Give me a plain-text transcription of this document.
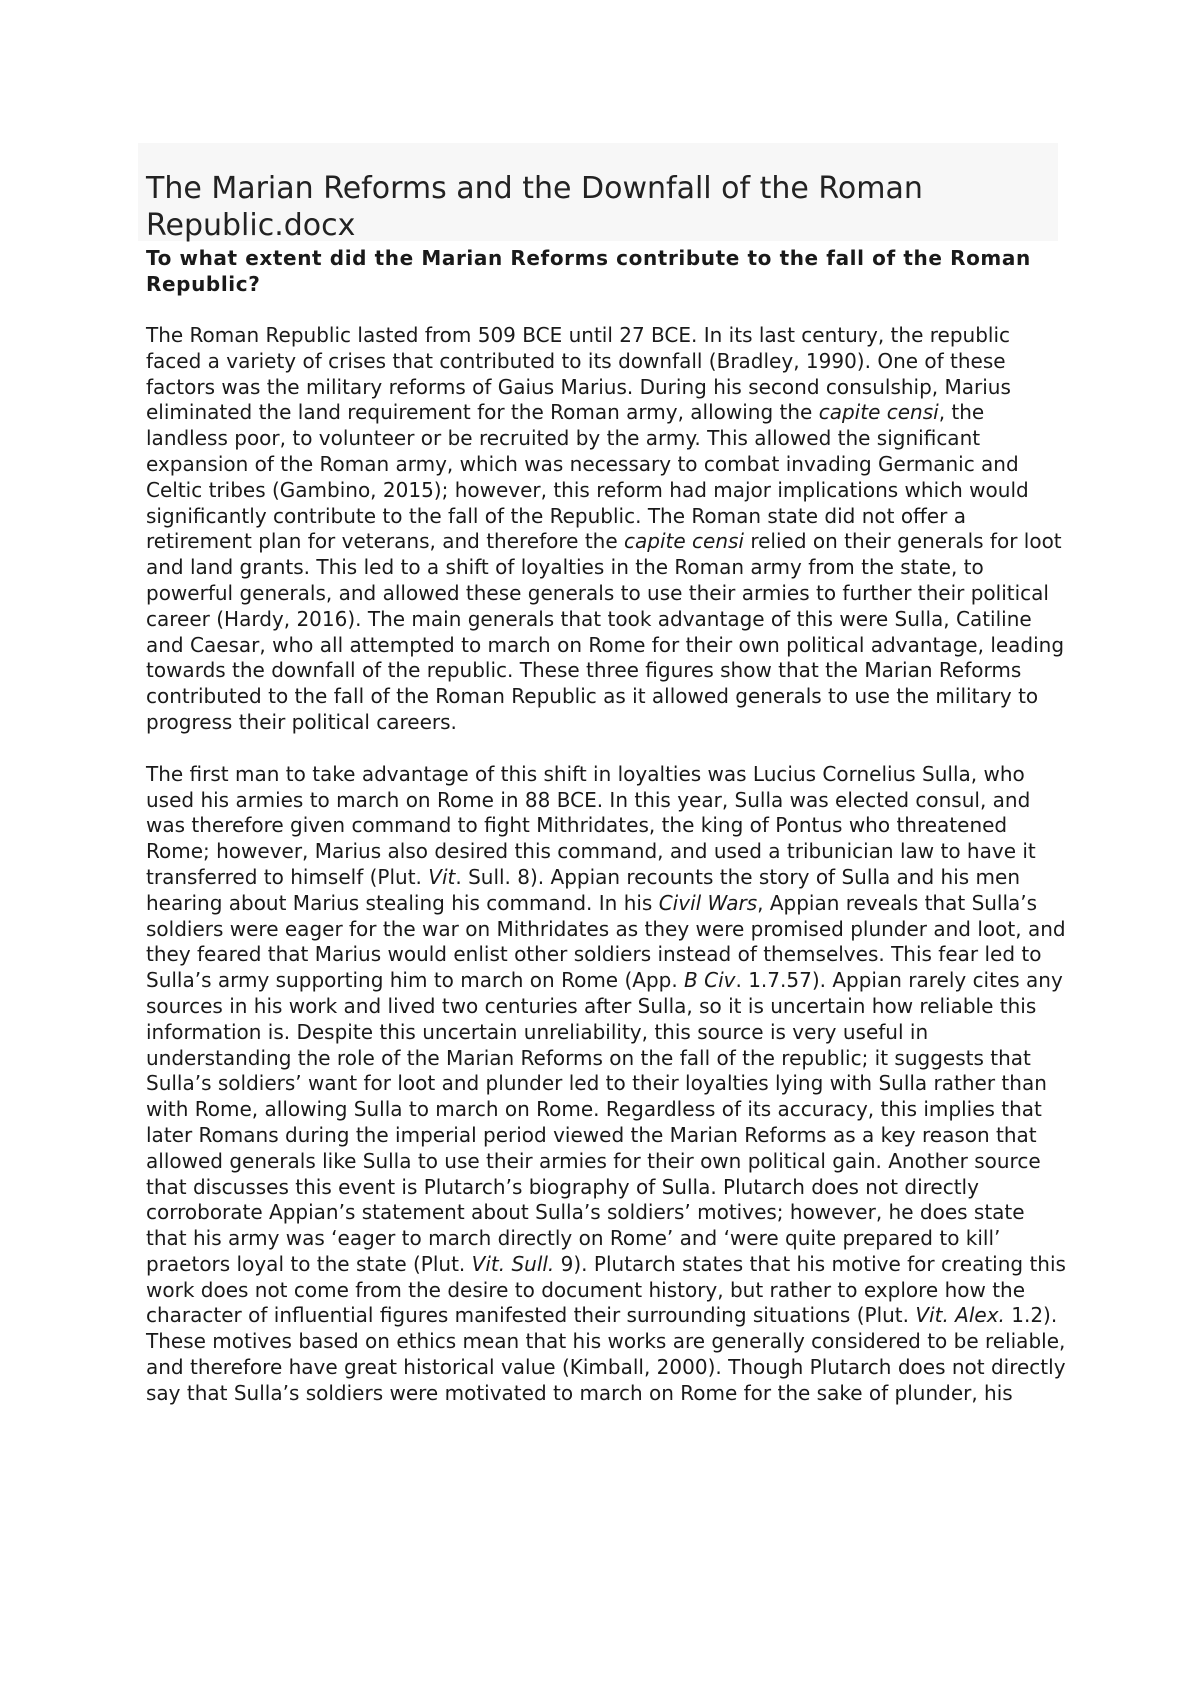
The Marian Reforms and the Downfall of the Roman Republic.docx

To what extent did the Marian Reforms contribute to the fall of the Roman Republic?

The Roman Republic lasted from 509 BCE until 27 BCE. In its last century, the republic faced a variety of crises that contributed to its downfall (Bradley, 1990). One of these factors was the military reforms of Gaius Marius. During his second consulship, Marius eliminated the land requirement for the Roman army, allowing the capite censi, the landless poor, to volunteer or be recruited by the army. This allowed the significant expansion of the Roman army, which was necessary to combat invading Germanic and Celtic tribes (Gambino, 2015); however, this reform had major implications which would significantly contribute to the fall of the Republic. The Roman state did not offer a retirement plan for veterans, and therefore the capite censi relied on their generals for loot and land grants. This led to a shift of loyalties in the Roman army from the state, to powerful generals, and allowed these generals to use their armies to further their political career (Hardy, 2016). The main generals that took advantage of this were Sulla, Catiline and Caesar, who all attempted to march on Rome for their own political advantage, leading towards the downfall of the republic. These three figures show that the Marian Reforms contributed to the fall of the Roman Republic as it allowed generals to use the military to progress their political careers.

The first man to take advantage of this shift in loyalties was Lucius Cornelius Sulla, who used his armies to march on Rome in 88 BCE. In this year, Sulla was elected consul, and was therefore given command to fight Mithridates, the king of Pontus who threatened Rome; however, Marius also desired this command, and used a tribunician law to have it transferred to himself (Plut. Vit. Sull. 8). Appian recounts the story of Sulla and his men hearing about Marius stealing his command. In his Civil Wars, Appian reveals that Sulla’s soldiers were eager for the war on Mithridates as they were promised plunder and loot, and they feared that Marius would enlist other soldiers instead of themselves. This fear led to Sulla’s army supporting him to march on Rome (App. B Civ. 1.7.57). Appian rarely cites any sources in his work and lived two centuries after Sulla, so it is uncertain how reliable this information is. Despite this uncertain unreliability, this source is very useful in understanding the role of the Marian Reforms on the fall of the republic; it suggests that Sulla’s soldiers’ want for loot and plunder led to their loyalties lying with Sulla rather than with Rome, allowing Sulla to march on Rome. Regardless of its accuracy, this implies that later Romans during the imperial period viewed the Marian Reforms as a key reason that allowed generals like Sulla to use their armies for their own political gain. Another source that discusses this event is Plutarch’s biography of Sulla. Plutarch does not directly corroborate Appian’s statement about Sulla’s soldiers’ motives; however, he does state that his army was ‘eager to march directly on Rome’ and ‘were quite prepared to kill’ praetors loyal to the state (Plut. Vit. Sull. 9). Plutarch states that his motive for creating this work does not come from the desire to document history, but rather to explore how the character of influential figures manifested their surrounding situations (Plut. Vit. Alex. 1.2). These motives based on ethics mean that his works are generally considered to be reliable, and therefore have great historical value (Kimball, 2000). Though Plutarch does not directly say that Sulla’s soldiers were motivated to march on Rome for the sake of plunder, his
